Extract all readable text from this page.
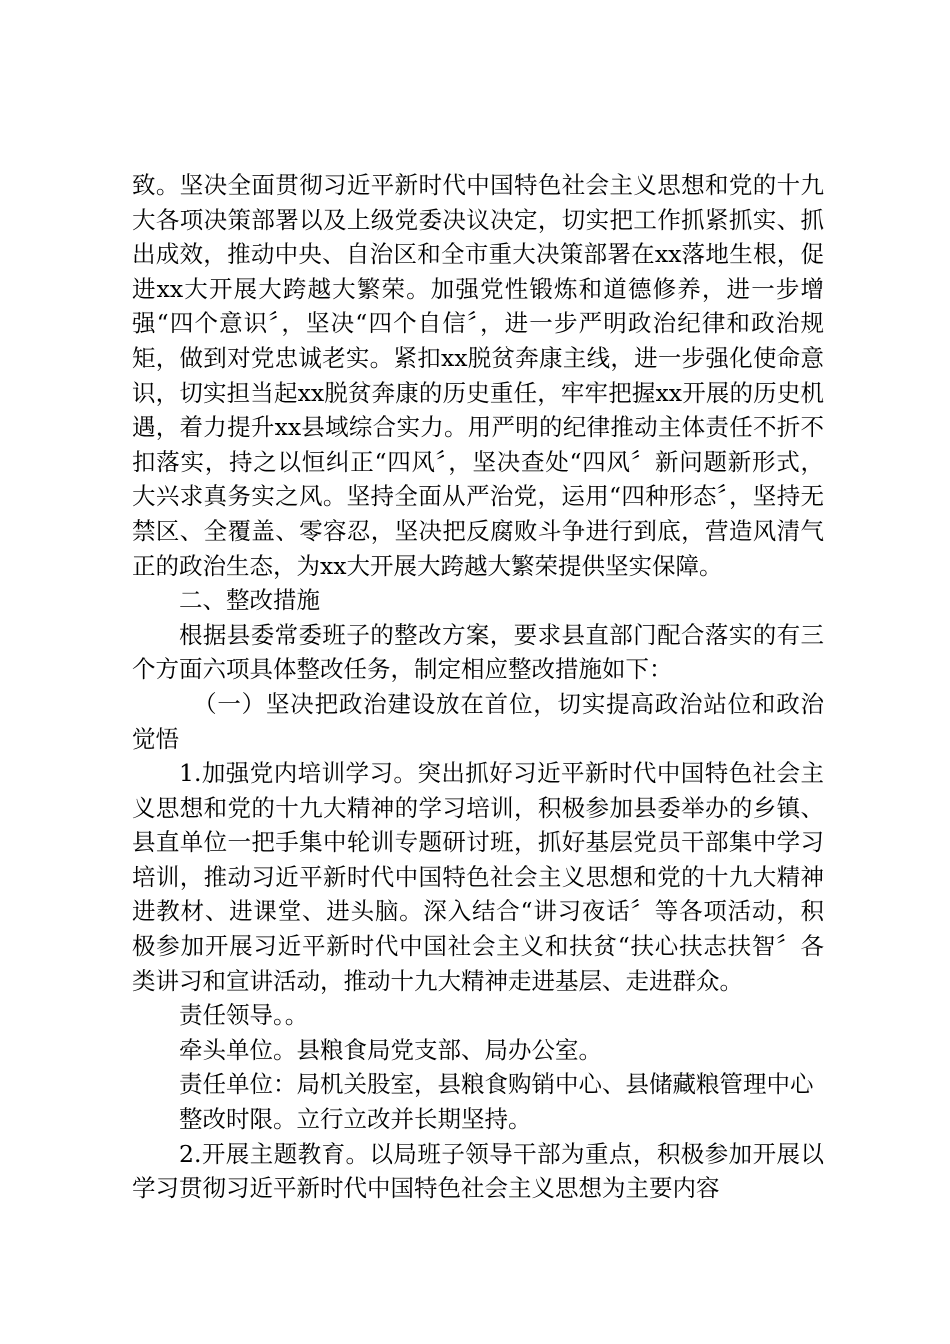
致。坚决全面贯彻习近平新时代中国特色社会主义思想和党的十九大各项决策部署以及上级党委决议决定，切实把工作抓紧抓实、抓出成效，推动中央、自治区和全市重大决策部署在xx落地生根，促进xx大开展大跨越大繁荣。加强党性锻炼和道德修养，进一步增强“四个意识〞，坚决“四个自信〞，进一步严明政治纪律和政治规矩，做到对党忠诚老实。紧扣xx脱贫奔康主线，进一步强化使命意识，切实担当起xx脱贫奔康的历史重任，牢牢把握xx开展的历史机遇，着力提升xx县域综合实力。用严明的纪律推动主体责任不折不扣落实，持之以恒纠正“四风〞，坚决查处“四风〞新问题新形式，大兴求真务实之风。坚持全面从严治党，运用“四种形态〞，坚持无禁区、全覆盖、零容忍，坚决把反腐败斗争进行到底，营造风清气正的政治生态，为xx大开展大跨越大繁荣提供坚实保障。

二、整改措施

根据县委常委班子的整改方案，要求县直部门配合落实的有三个方面六项具体整改任务，制定相应整改措施如下：

（一）坚决把政治建设放在首位，切实提高政治站位和政治觉悟

1.加强党内培训学习。突出抓好习近平新时代中国特色社会主义思想和党的十九大精神的学习培训，积极参加县委举办的乡镇、县直单位一把手集中轮训专题研讨班，抓好基层党员干部集中学习培训，推动习近平新时代中国特色社会主义思想和党的十九大精神进教材、进课堂、进头脑。深入结合“讲习夜话〞等各项活动，积极参加开展习近平新时代中国社会主义和扶贫“扶心扶志扶智〞各类讲习和宣讲活动，推动十九大精神走进基层、走进群众。

责任领导。。

牵头单位。县粮食局党支部、局办公室。

责任单位：局机关股室，县粮食购销中心、县储藏粮管理中心

整改时限。立行立改并长期坚持。

2.开展主题教育。以局班子领导干部为重点，积极参加开展以学习贯彻习近平新时代中国特色社会主义思想为主要内容
